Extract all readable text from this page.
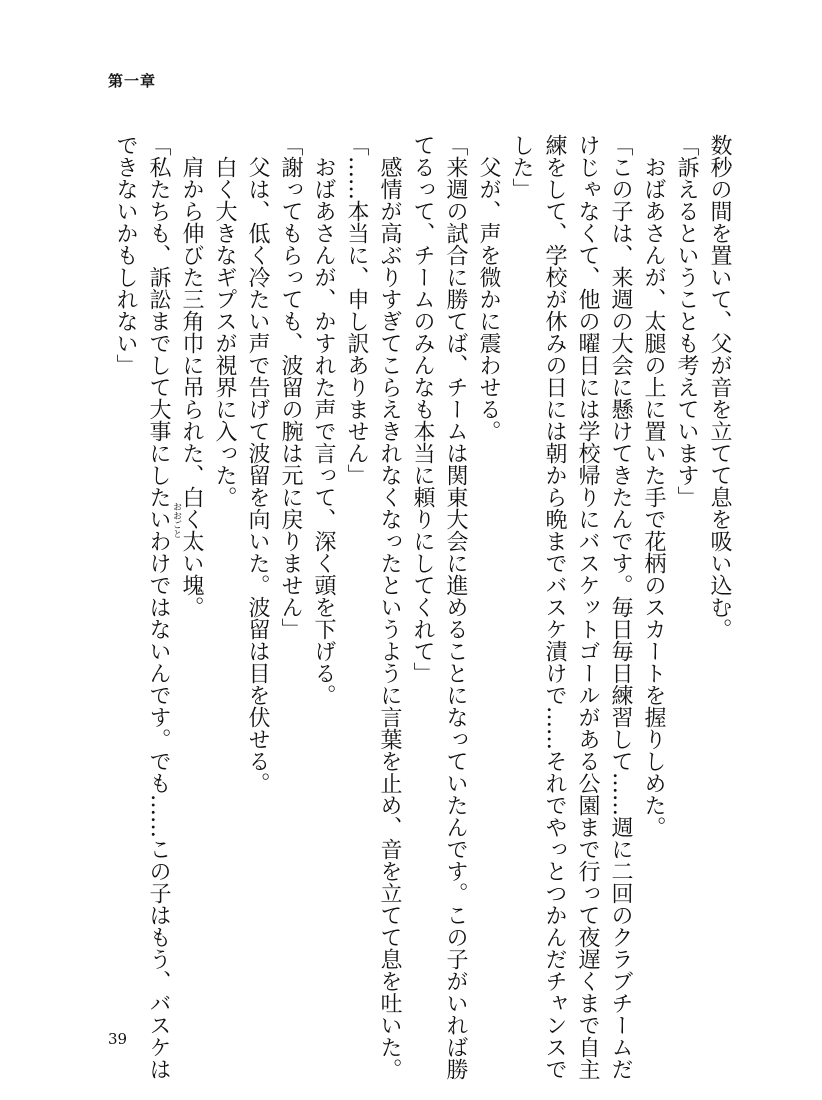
第一章
数秒の間を置いて、父が音を立てて息を吸い込む。
「訴えるということも考えています」
　おばあさんが、太腿の上に置いた手で花柄のスカートを握りしめた。
「この子は、来週の大会に懸けてきたんです。毎日毎日練習して……週に二回のクラブチームだ
けじゃなくて、他の曜日には学校帰りにバスケットゴールがある公園まで行って夜遅くまで自主
練をして、学校が休みの日には朝から晩までバスケ漬けで……それでやっとつかんだチャンスで
した」
　父が、声を微かに震わせる。
「来週の試合に勝てば、チームは関東大会に進めることになっていたんです。この子がいれば勝
てるって、チームのみんなも本当に頼りにしてくれて」
　感情が高ぶりすぎてこらえきれなくなったというように言葉を止め、音を立てて息を吐いた。
「……本当に、申し訳ありません」
　おばあさんが、かすれた声で言って、深く頭を下げる。
「謝ってもらっても、波留の腕は元に戻りません」
　父は、低く冷たい声で告げて波留を向いた。波留は目を伏せる。
　白く大きなギプスが視界に入った。
　肩から伸びた三角巾に吊られた、白く太い塊。
「私たちも、訴訟までして大事にしたいわけではないんです。でも……この子はもう、バスケは おおごと
できないかもしれない」
39
